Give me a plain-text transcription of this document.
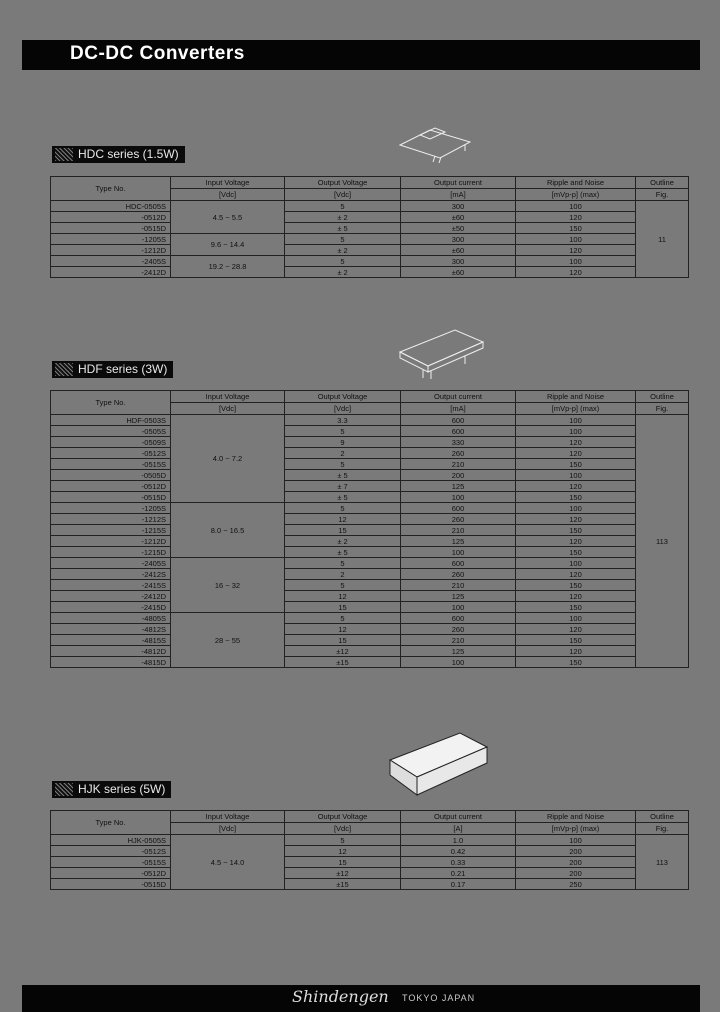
DC-DC Converters
HDC series (1.5W)
Type No.	Input Voltage	Output Voltage	Output current	Ripple and Noise	Outline
	[Vdc]	[Vdc]	[mA]	[mVp-p] (max)	Fig.
HDC-0505S	4.5 ~ 5.5	5	300	100	11
-0512D		± 2	±60	120	
-0515D		± 5	±50	150	
-1205S	9.6 ~ 14.4	5	300	100	
-1212D		± 2	±60	120	
-2405S	19.2 ~ 28.8	5	300	100	
-2412D		± 2	±60	120	
HDF series (3W)
Type No.	Input Voltage	Output Voltage	Output current	Ripple and Noise	Outline
	[Vdc]	[Vdc]	[mA]	[mVp-p] (max)	Fig.
HDF-0503S	4.0 ~ 7.2	3.3	600	100	113
-0505S		5	600	100	
-0509S		9	330	120	
-0512S		2	260	120	
-0515S		5	210	150	
-0505D		± 5	200	100	
-0512D		± 7	125	120	
-0515D		± 5	100	150	
-1205S	8.0 ~ 16.5	5	600	100	
-1212S		12	260	120	
-1215S		15	210	150	
-1212D		± 2	125	120	
-1215D		± 5	100	150	
-2405S	16 ~ 32	5	600	100	
-2412S		2	260	120	
-2415S		5	210	150	
-2412D		12	125	120	
-2415D		15	100	150	
-4805S	28 ~ 55	5	600	100	
-4812S		12	260	120	
-4815S		15	210	150	
-4812D		±12	125	120	
-4815D		±15	100	150	
HJK series (5W)
Type No.	Input Voltage	Output Voltage	Output current	Ripple and Noise	Outline
	[Vdc]	[Vdc]	[A]	[mVp-p] (max)	Fig.
HJK-0505S	4.5 ~ 14.0	5	1.0	100	113
-0512S		12	0.42	200	
-0515S		15	0.33	200	
-0512D		±12	0.21	200	
-0515D		±15	0.17	250	
Shindengen TOKYO JAPAN
